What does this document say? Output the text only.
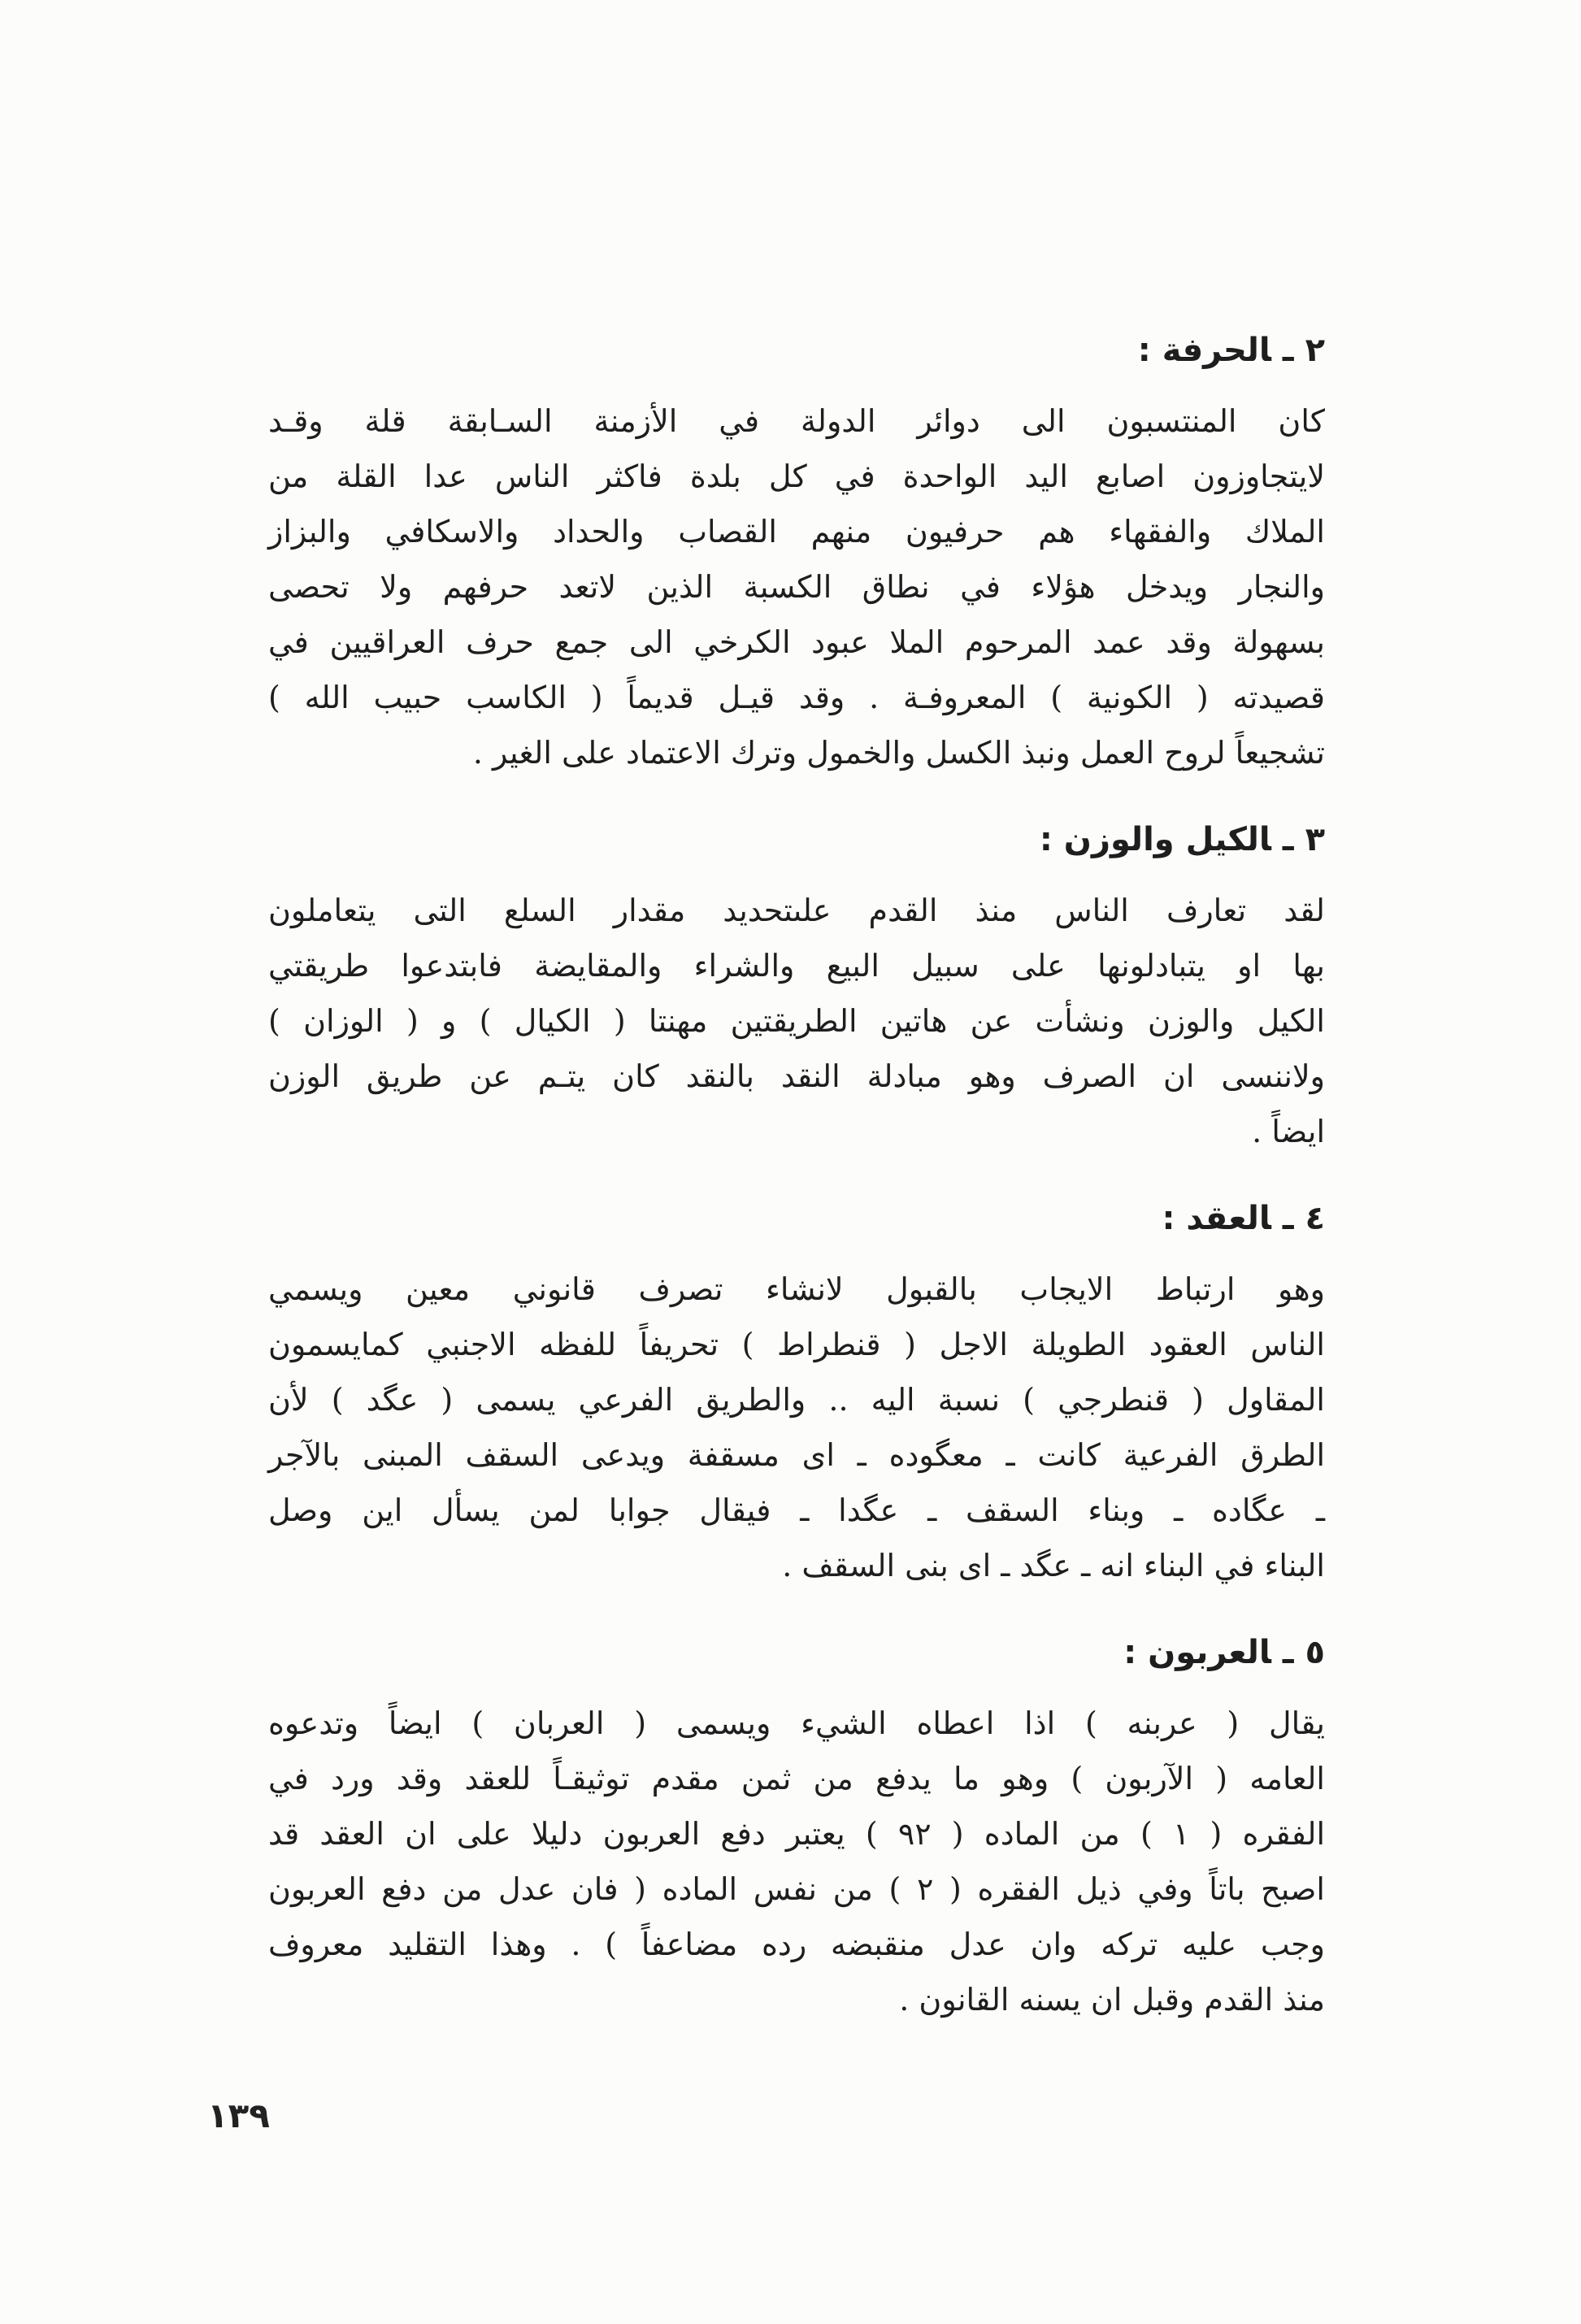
٢ـالحرفة :

كان المنتسبون الى دوائر الدولة في الأزمنة السـابقة قلة وقـد
لايتجاوزون اصابع اليد الواحدة في كل بلدة فاكثر الناس عدا القلة من
الملاك والفقهاء هم حرفيون منهم القصاب والحداد والاسكافي والبزاز
والنجار ويدخل هؤلاء في نطاق الكسبة الذين لاتعد حرفهم ولا تحصى
بسهولة وقد عمد المرحوم الملا عبود الكرخي الى جمع حرف العراقيين في
قصيدته ( الكونية ) المعروفـة . وقد قيـل قديماً ( الكاسب حبيب الله )
تشجيعاً لروح العمل ونبذ الكسل والخمول وترك الاعتماد على الغير .

٣ـالكيل والوزن :

لقد تعارف الناس منذ القدم علىتحديد مقدار السلع التى يتعاملون
بها او يتبادلونها على سبيل البيع والشراء والمقايضة فابتدعوا طريقتي
الكيل والوزن ونشأت عن هاتين الطريقتين مهنتا ( الكيال ) و ( الوزان )
ولاننسى ان الصرف وهو مبادلة النقد بالنقد كان يتـم عن طريق الوزن
ايضاً .

٤ـالعقد :

وهو ارتباط الايجاب بالقبول لانشاء تصرف قانوني معين ويسمي
الناس العقود الطويلة الاجل ( قنطراط ) تحريفاً للفظه الاجنبي كمايسمون
المقاول ( قنطرجي ) نسبة اليه .. والطريق الفرعي يسمى ( عگد ) لأن
الطرق الفرعية كانت ـ معگوده ـ اى مسقفة ويدعى السقف المبنى بالآجر
ـ عگاده ـ وبناء السقف ـ عگدا ـ فيقال جوابا لمن يسأل اين وصل
البناء في البناء انه ـ عگد ـ اى بنى السقف .

٥ـالعربون :

يقال ( عربنه ) اذا اعطاه الشيء ويسمى ( العربان ) ايضاً وتدعوه
العامه ( الآربون ) وهو ما يدفع من ثمن مقدم توثيقـاً للعقد وقد ورد في
الفقره ( ١ ) من الماده ( ٩٢ ) يعتبر دفع العربون دليلا على ان العقد قد
اصبح باتاً وفي ذيل الفقره ( ٢ ) من نفس الماده ( فان عدل من دفع العربون
وجب عليه تركه وان عدل منقبضه رده مضاعفاً ) . وهذا التقليد معروف
منذ القدم وقبل ان يسنه القانون .

١٣٩
